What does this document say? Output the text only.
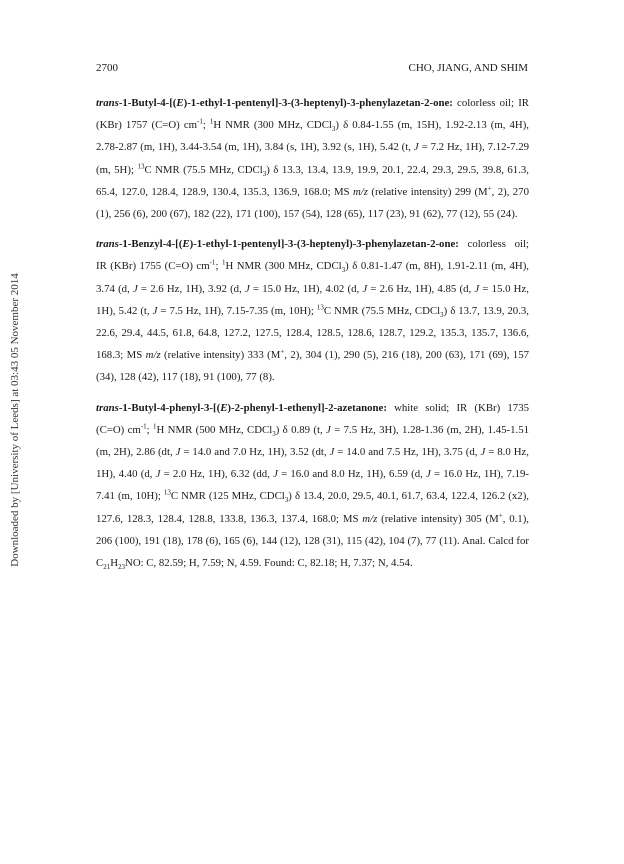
2700	CHO, JIANG, AND SHIM
Downloaded by [University of Leeds] at 03:43 05 November 2014

trans-1-Butyl-4-[(E)-1-ethyl-1-pentenyl]-3-(3-heptenyl)-3-phenylazetan-2-one: colorless oil; IR (KBr) 1757 (C=O) $cm^{-1}$; $^1$H NMR (300 MHz, CDCl$_3$) δ 0.84-1.55 (m, 15H), 1.92-2.13 (m, 4H), 2.78-2.87 (m, 1H), 3.44-3.54 (m, 1H), 3.84 (s, 1H), 3.92 (s, 1H), 5.42 (t, J = 7.2 Hz, 1H), 7.12-7.29 (m, 5H); $^{13}$C NMR (75.5 MHz, CDCl$_3$) δ 13.3, 13.4, 13.9, 19.9, 20.1, 22.4, 29.3, 29.5, 39.8, 61.3, 65.4, 127.0, 128.4, 128.9, 130.4, 135.3, 136.9, 168.0; MS m/z (relative intensity) 299 (M+, 2), 270 (1), 256 (6), 200 (67), 182 (22), 171 (100), 157 (54), 128 (65), 117 (23), 91 (62), 77 (12), 55 (24).

trans-1-Benzyl-4-[(E)-1-ethyl-1-pentenyl]-3-(3-heptenyl)-3-phenylazetan-2-one: colorless oil; IR (KBr) 1755 (C=O) $cm^{-1}$; $^1$H NMR (300 MHz, CDCl$_3$) δ 0.81-1.47 (m, 8H), 1.91-2.11 (m, 4H), 3.74 (d, J = 2.6 Hz, 1H), 3.92 (d, J = 15.0 Hz, 1H), 4.02 (d, J = 2.6 Hz, 1H), 4.85 (d, J = 15.0 Hz, 1H), 5.42 (t, J = 7.5 Hz, 1H), 7.15-7.35 (m, 10H); $^{13}$C NMR (75.5 MHz, CDCl$_3$) δ 13.7, 13.9, 20.3, 22.6, 29.4, 44.5, 61.8, 64.8, 127.2, 127.5, 128.4, 128.5, 128.6, 128.7, 129.2, 135.3, 135.7, 136.6, 168.3; MS m/z (relative intensity) 333 (M+, 2), 304 (1), 290 (5), 216 (18), 200 (63), 171 (69), 157 (34), 128 (42), 117 (18), 91 (100), 77 (8).

trans-1-Butyl-4-phenyl-3-[(E)-2-phenyl-1-ethenyl]-2-azetanone: white solid; IR (KBr) 1735 (C=O) $cm^{-1}$; $^1$H NMR (500 MHz, CDCl$_3$) δ 0.89 (t, J = 7.5 Hz, 3H), 1.28-1.36 (m, 2H), 1.45-1.51 (m, 2H), 2.86 (dt, J = 14.0 and 7.0 Hz, 1H), 3.52 (dt, J = 14.0 and 7.5 Hz, 1H), 3.75 (d, J = 8.0 Hz, 1H), 4.40 (d, J = 2.0 Hz, 1H), 6.32 (dd, J = 16.0 and 8.0 Hz, 1H), 6.59 (d, J = 16.0 Hz, 1H), 7.19-7.41 (m, 10H); $^{13}$C NMR (125 MHz, CDCl$_3$) δ 13.4, 20.0, 29.5, 40.1, 61.7, 63.4, 122.4, 126.2 (x2), 127.6, 128.3, 128.4, 128.8, 133.8, 136.3, 137.4, 168.0; MS m/z (relative intensity) 305 (M+, 0.1), 206 (100), 191 (18), 178 (6), 165 (6), 144 (12), 128 (31), 115 (42), 104 (7), 77 (11). Anal. Calcd for $C_{21}H_{23}NO$: C, 82.59; H, 7.59; N, 4.59. Found: C, 82.18; H, 7.37; N, 4.54.
